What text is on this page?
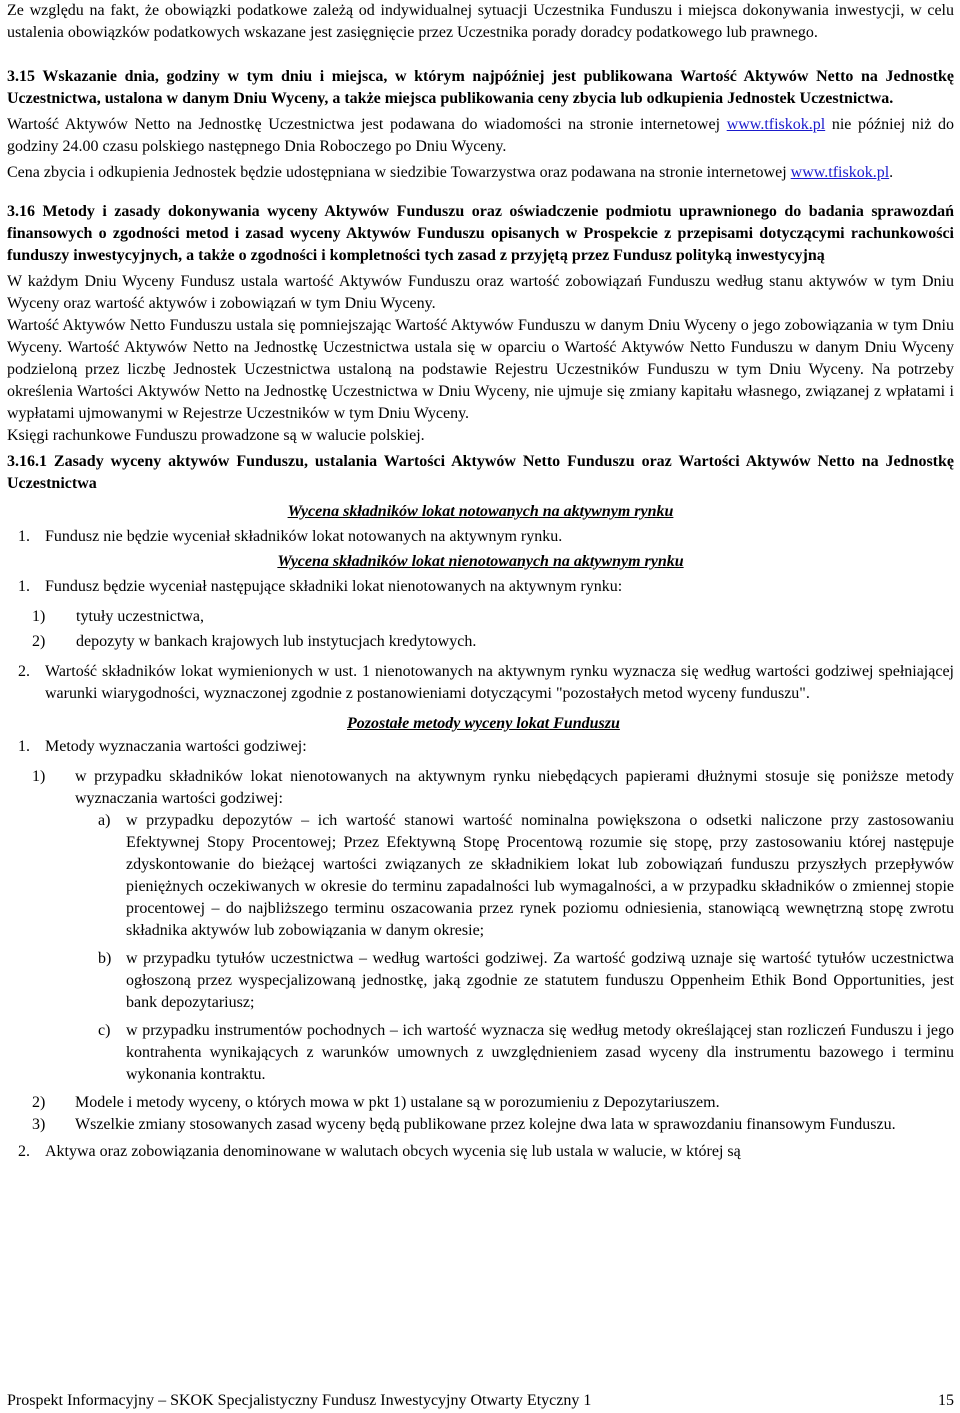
Ze względu na fakt, że obowiązki podatkowe zależą od indywidualnej sytuacji Uczestnika Funduszu i miejsca dokonywania inwestycji, w celu ustalenia obowiązków podatkowych wskazane jest zasięgnięcie przez Uczestnika porady doradcy podatkowego lub prawnego.

3.15 Wskazanie dnia, godziny w tym dniu i miejsca, w którym najpóźniej jest publikowana Wartość Aktywów Netto na Jednostkę Uczestnictwa, ustalona w danym Dniu Wyceny, a także miejsca publikowania ceny zbycia lub odkupienia Jednostek Uczestnictwa.

Wartość Aktywów Netto na Jednostkę Uczestnictwa jest podawana do wiadomości na stronie internetowej www.tfiskok.pl nie później niż do godziny 24.00 czasu polskiego następnego Dnia Roboczego po Dniu Wyceny.

Cena zbycia i odkupienia Jednostek będzie udostępniana w siedzibie Towarzystwa oraz podawana na stronie internetowej www.tfiskok.pl.

3.16 Metody i zasady dokonywania wyceny Aktywów Funduszu oraz oświadczenie podmiotu uprawnionego do badania sprawozdań finansowych o zgodności metod i zasad wyceny Aktywów Funduszu opisanych w Prospekcie z przepisami dotyczącymi rachunkowości funduszy inwestycyjnych, a także o zgodności i kompletności tych zasad z przyjętą przez Fundusz polityką inwestycyjną

W każdym Dniu Wyceny Fundusz ustala wartość Aktywów Funduszu oraz wartość zobowiązań Funduszu według stanu aktywów w tym Dniu Wyceny oraz wartość aktywów i zobowiązań w tym Dniu Wyceny.

Wartość Aktywów Netto Funduszu ustala się pomniejszając Wartość Aktywów Funduszu w danym Dniu Wyceny o jego zobowiązania w tym Dniu Wyceny. Wartość Aktywów Netto na Jednostkę Uczestnictwa ustala się w oparciu o Wartość Aktywów Netto Funduszu w danym Dniu Wyceny podzieloną przez liczbę Jednostek Uczestnictwa ustaloną na podstawie Rejestru Uczestników Funduszu w tym Dniu Wyceny. Na potrzeby określenia Wartości Aktywów Netto na Jednostkę Uczestnictwa w Dniu Wyceny, nie ujmuje się zmiany kapitału własnego, związanej z wpłatami i wypłatami ujmowanymi w Rejestrze Uczestników w tym Dniu Wyceny.

Księgi rachunkowe Funduszu prowadzone są w walucie polskiej.

3.16.1 Zasady wyceny aktywów Funduszu, ustalania Wartości Aktywów Netto Funduszu oraz Wartości Aktywów Netto na Jednostkę Uczestnictwa

Wycena składników lokat notowanych na aktywnym rynku

1. Fundusz nie będzie wyceniał składników lokat notowanych na aktywnym rynku.

Wycena składników lokat nienotowanych na aktywnym rynku

1. Fundusz będzie wyceniał następujące składniki lokat nienotowanych na aktywnym rynku:
1)	tytuły uczestnictwa,
2)	depozyty w bankach krajowych lub instytucjach kredytowych.
2. Wartość składników lokat wymienionych w ust. 1 nienotowanych na aktywnym rynku wyznacza się według wartości godziwej spełniającej warunki wiarygodności, wyznaczonej zgodnie z postanowieniami dotyczącymi "pozostałych metod wyceny funduszu".

Pozostałe metody wyceny lokat Funduszu

1. Metody wyznaczania wartości godziwej:
1)	w przypadku składników lokat nienotowanych na aktywnym rynku niebędących papierami dłużnymi stosuje się poniższe metody wyznaczania wartości godziwej:
a) w przypadku depozytów – ich wartość stanowi wartość nominalna powiększona o odsetki naliczone przy zastosowaniu Efektywnej Stopy Procentowej; Przez Efektywną Stopę Procentową rozumie się stopę, przy zastosowaniu której następuje zdyskontowanie do bieżącej wartości związanych ze składnikiem lokat lub zobowiązań funduszu przyszłych przepływów pieniężnych oczekiwanych w okresie do terminu zapadalności lub wymagalności, a w przypadku składników o zmiennej stopie procentowej – do najbliższego terminu oszacowania przez rynek poziomu odniesienia, stanowiącą wewnętrzną stopę zwrotu składnika aktywów lub zobowiązania w danym okresie;
b) w przypadku tytułów uczestnictwa – według wartości godziwej. Za wartość godziwą uznaje się wartość tytułów uczestnictwa ogłoszoną przez wyspecjalizowaną jednostkę, jaką zgodnie ze statutem funduszu Oppenheim Ethik Bond Opportunities, jest bank depozytariusz;
c) w przypadku instrumentów pochodnych – ich wartość wyznacza się według metody określającej stan rozliczeń Funduszu i jego kontrahenta wynikających z warunków umownych z uwzględnieniem zasad wyceny dla instrumentu bazowego i terminu wykonania kontraktu.
2)	Modele i metody wyceny, o których mowa w pkt 1) ustalane są w porozumieniu z Depozytariuszem.
3)	Wszelkie zmiany stosowanych zasad wyceny będą publikowane przez kolejne dwa lata w sprawozdaniu finansowym Funduszu.
2. Aktywa oraz zobowiązania denominowane w walutach obcych wycenia się lub ustala w walucie, w której są
Prospekt Informacyjny – SKOK Specjalistyczny Fundusz Inwestycyjny Otwarty Etyczny 1	15
